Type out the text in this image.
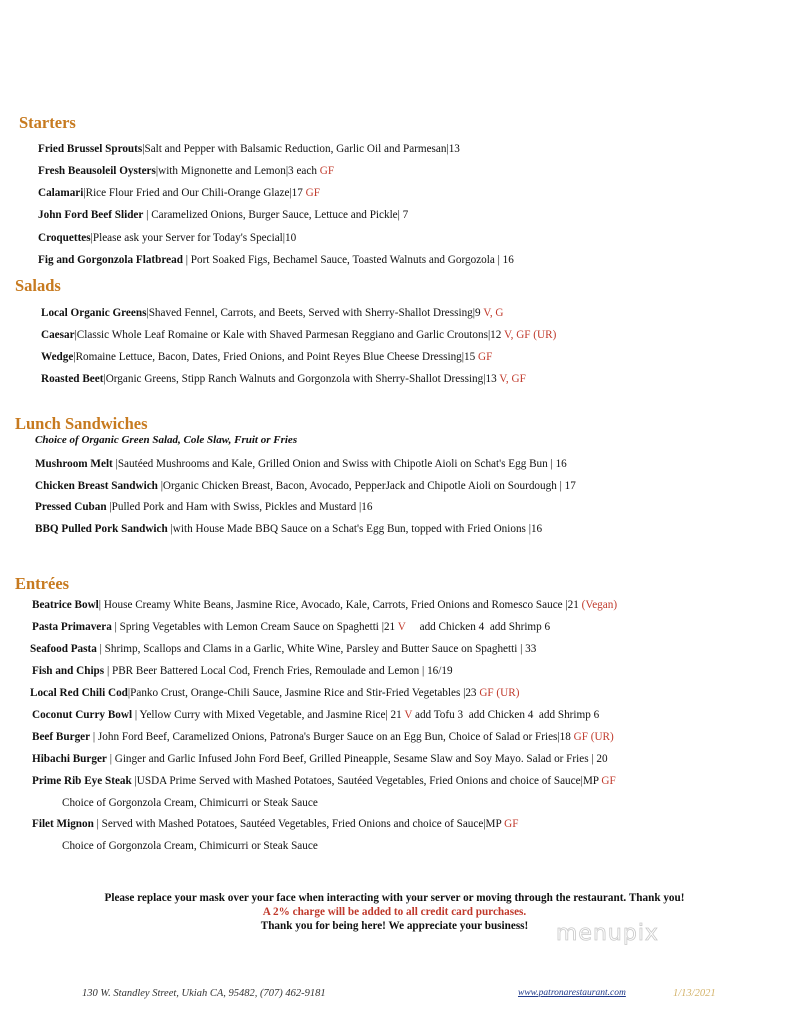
Starters
Fried Brussel Sprouts|Salt and Pepper with Balsamic Reduction, Garlic Oil and Parmesan|13
Fresh Beausoleil Oysters|with Mignonette and Lemon|3 each GF
Calamari|Rice Flour Fried and Our Chili-Orange Glaze|17 GF
John Ford Beef Slider | Caramelized Onions, Burger Sauce, Lettuce and Pickle| 7
Croquettes|Please ask your Server for Today's Special|10
Fig and Gorgonzola Flatbread | Port Soaked Figs, Bechamel Sauce, Toasted Walnuts and Gorgozola | 16
Salads
Local Organic Greens|Shaved Fennel, Carrots, and Beets, Served with Sherry-Shallot Dressing|9 V, G
Caesar|Classic Whole Leaf Romaine or Kale with Shaved Parmesan Reggiano and Garlic Croutons|12 V, GF (UR)
Wedge|Romaine Lettuce, Bacon, Dates, Fried Onions, and Point Reyes Blue Cheese Dressing|15 GF
Roasted Beet|Organic Greens, Stipp Ranch Walnuts and Gorgonzola with Sherry-Shallot Dressing|13 V, GF
Lunch Sandwiches
Choice of Organic Green Salad, Cole Slaw, Fruit or Fries
Mushroom Melt |Sautéed Mushrooms and Kale, Grilled Onion and Swiss with Chipotle Aioli on Schat's Egg Bun | 16
Chicken Breast Sandwich |Organic Chicken Breast, Bacon, Avocado, PepperJack and Chipotle Aioli on Sourdough | 17
Pressed Cuban |Pulled Pork and Ham with Swiss, Pickles and Mustard |16
BBQ Pulled Pork Sandwich |with House Made BBQ Sauce on a Schat's Egg Bun, topped with Fried Onions |16
Entrées
Beatrice Bowl| House Creamy White Beans, Jasmine Rice, Avocado, Kale, Carrots, Fried Onions and Romesco Sauce |21 (Vegan)
Pasta Primavera | Spring Vegetables with Lemon Cream Sauce on Spaghetti |21 V     add Chicken 4  add Shrimp 6
Seafood Pasta | Shrimp, Scallops and Clams in a Garlic, White Wine, Parsley and Butter Sauce on Spaghetti | 33
Fish and Chips | PBR Beer Battered Local Cod, French Fries, Remoulade and Lemon | 16/19
Local Red Chili Cod|Panko Crust, Orange-Chili Sauce, Jasmine Rice and Stir-Fried Vegetables |23 GF (UR)
Coconut Curry Bowl | Yellow Curry with Mixed Vegetable, and Jasmine Rice| 21 V add Tofu 3  add Chicken 4  add Shrimp 6
Beef Burger | John Ford Beef, Caramelized Onions, Patrona's Burger Sauce on an Egg Bun, Choice of Salad or Fries|18 GF (UR)
Hibachi Burger | Ginger and Garlic Infused John Ford Beef, Grilled Pineapple, Sesame Slaw and Soy Mayo. Salad or Fries | 20
Prime Rib Eye Steak |USDA Prime Served with Mashed Potatoes, Sautéed Vegetables, Fried Onions and choice of Sauce|MP GF
Choice of Gorgonzola Cream, Chimicurri or Steak Sauce
Filet Mignon | Served with Mashed Potatoes, Sautéed Vegetables, Fried Onions and choice of Sauce|MP GF
Choice of Gorgonzola Cream, Chimicurri or Steak Sauce
Please replace your mask over your face when interacting with your server or moving through the restaurant. Thank you!
A 2% charge will be added to all credit card purchases.
Thank you for being here! We appreciate your business!	menupix
130 W. Standley Street, Ukiah CA, 95482, (707) 462-9181	www.patronarestaurant.com	1/13/2021
